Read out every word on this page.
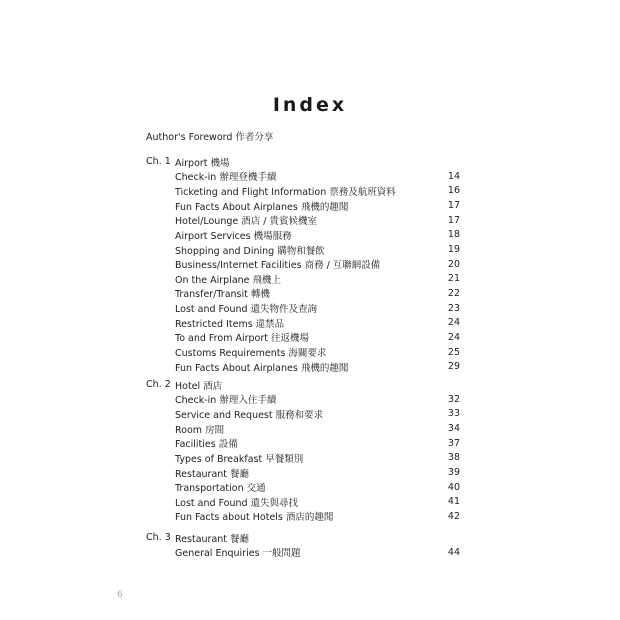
Index
Author's Foreword 作者分享
Ch. 1 Airport 機場
Check-in 辦理登機手續	14
Ticketing and Flight Information 票務及航班資料	16
Fun Facts About Airplanes 飛機的趣聞	17
Hotel/Lounge 酒店 / 貴賓候機室	17
Airport Services 機場服務	18
Shopping and Dining 購物和餐飲	19
Business/Internet Facilities 商務 / 互聯網設備	20
On the Airplane 飛機上	21
Transfer/Transit 轉機	22
Lost and Found 遺失物件及查詢	23
Restricted Items 違禁品	24
To and From Airport 往返機場	24
Customs Requirements 海關要求	25
Fun Facts About Airplanes 飛機的趣聞	29
Ch. 2 Hotel 酒店
Check-in 辦理入住手續	32
Service and Request 服務和要求	33
Room 房間	34
Facilities 設備	37
Types of Breakfast 早餐類別	38
Restaurant 餐廳	39
Transportation 交通	40
Lost and Found 遺失與尋找	41
Fun Facts about Hotels 酒店的趣聞	42
Ch. 3 Restaurant 餐廳
General Enquiries 一般問題	44
6
